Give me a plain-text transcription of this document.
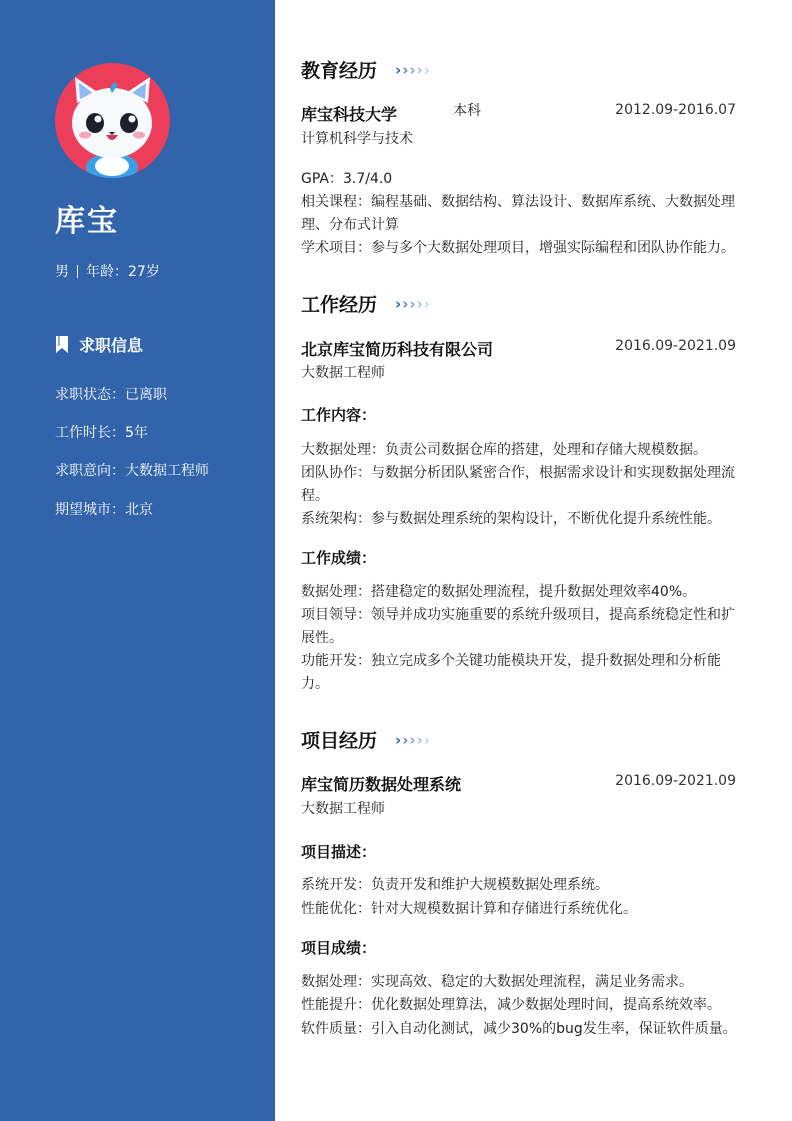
库宝
男 年龄：27岁
求职信息
求职状态：已离职
工作时长：5年
求职意向：大数据工程师
期望城市：北京
教育经历 › › › › ›
库宝科技大学	本科	2012.09-2016.07
计算机科学与技术
GPA：3.7/4.0
相关课程：编程基础、数据结构、算法设计、数据库系统、大数据处理
理、分布式计算
学术项目：参与多个大数据处理项目，增强实际编程和团队协作能力。
工作经历 › › › › ›
北京库宝简历科技有限公司	2016.09-2021.09
大数据工程师
工作内容：
大数据处理：负责公司数据仓库的搭建，处理和存储大规模数据。
团队协作：与数据分析团队紧密合作，根据需求设计和实现数据处理流
程。
系统架构：参与数据处理系统的架构设计，不断优化提升系统性能。
工作成绩：
数据处理：搭建稳定的数据处理流程，提升数据处理效率40%。
项目领导：领导并成功实施重要的系统升级项目，提高系统稳定性和扩
展性。
功能开发：独立完成多个关键功能模块开发，提升数据处理和分析能
力。
项目经历 › › › › ›
库宝简历数据处理系统	2016.09-2021.09
大数据工程师
项目描述：
系统开发：负责开发和维护大规模数据处理系统。
性能优化：针对大规模数据计算和存储进行系统优化。
项目成绩：
数据处理：实现高效、稳定的大数据处理流程，满足业务需求。
性能提升：优化数据处理算法，减少数据处理时间，提高系统效率。
软件质量：引入自动化测试，减少30%的bug发生率，保证软件质量。
